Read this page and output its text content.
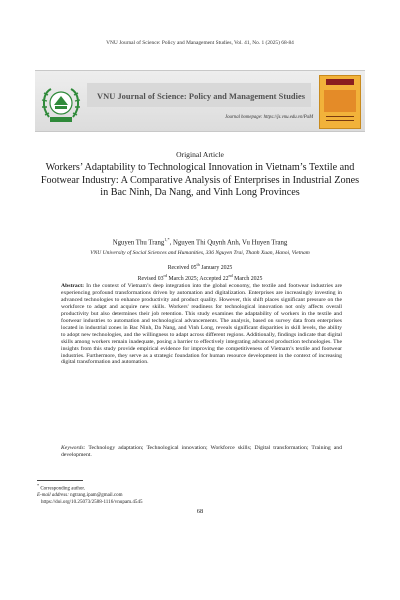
VNU Journal of Science: Policy and Management Studies, Vol. 41, No. 1 (2025) 68-84
VNU Journal of Science: Policy and Management Studies
Journal homepage: https://js.vnu.edu.vn/PaM
Original Article
Workers’ Adaptability to Technological Innovation in Vietnam’s Textile and Footwear Industry: A Comparative Analysis of Enterprises in Industrial Zones in Bac Ninh, Da Nang, and Vinh Long Provinces
Nguyen Thu Trang$^{1,*}$, Nguyen Thi Quynh Anh, Vu Huyen Trang
VNU University of Social Sciences and Humanities, 336 Nguyen Trai, Thanh Xuan, Hanoi, Vietnam
Received 05th January 2025
Revised 03rd March 2025; Accepted 22nd March 2025

Abstract: In the context of Vietnam’s deep integration into the global economy, the textile and footwear industries are experiencing profound transformations driven by automation and digitalization. Enterprises are increasingly investing in advanced technologies to enhance productivity and product quality. However, this shift places significant pressure on the workforce to adapt and acquire new skills. Workers' readiness for technological innovation not only affects overall productivity but also determines their job retention. This study examines the adaptability of workers in the textile and footwear industries to automation and technological advancements. The analysis, based on survey data from enterprises located in industrial zones in Bac Ninh, Da Nang, and Vinh Long, reveals significant disparities in skill levels, the ability to adopt new technologies, and the willingness to adapt across different regions. Additionally, findings indicate that digital skills among workers remain inadequate, posing a barrier to effectively integrating advanced production technologies. The insights from this study provide empirical evidence for improving the competitiveness of Vietnam’s textile and footwear industries. Furthermore, they serve as a strategic foundation for human resource development in the context of increasing digital transformation and automation.

Keywords: Technology adaptation; Technological innovation; Workforce skills; Digital transformation; Training and development.

* Corresponding author.
E-mail address: ngtrang.ipam@gmail.com
https://doi.org/10.25073/2588-1116/vnupam.4545
68
